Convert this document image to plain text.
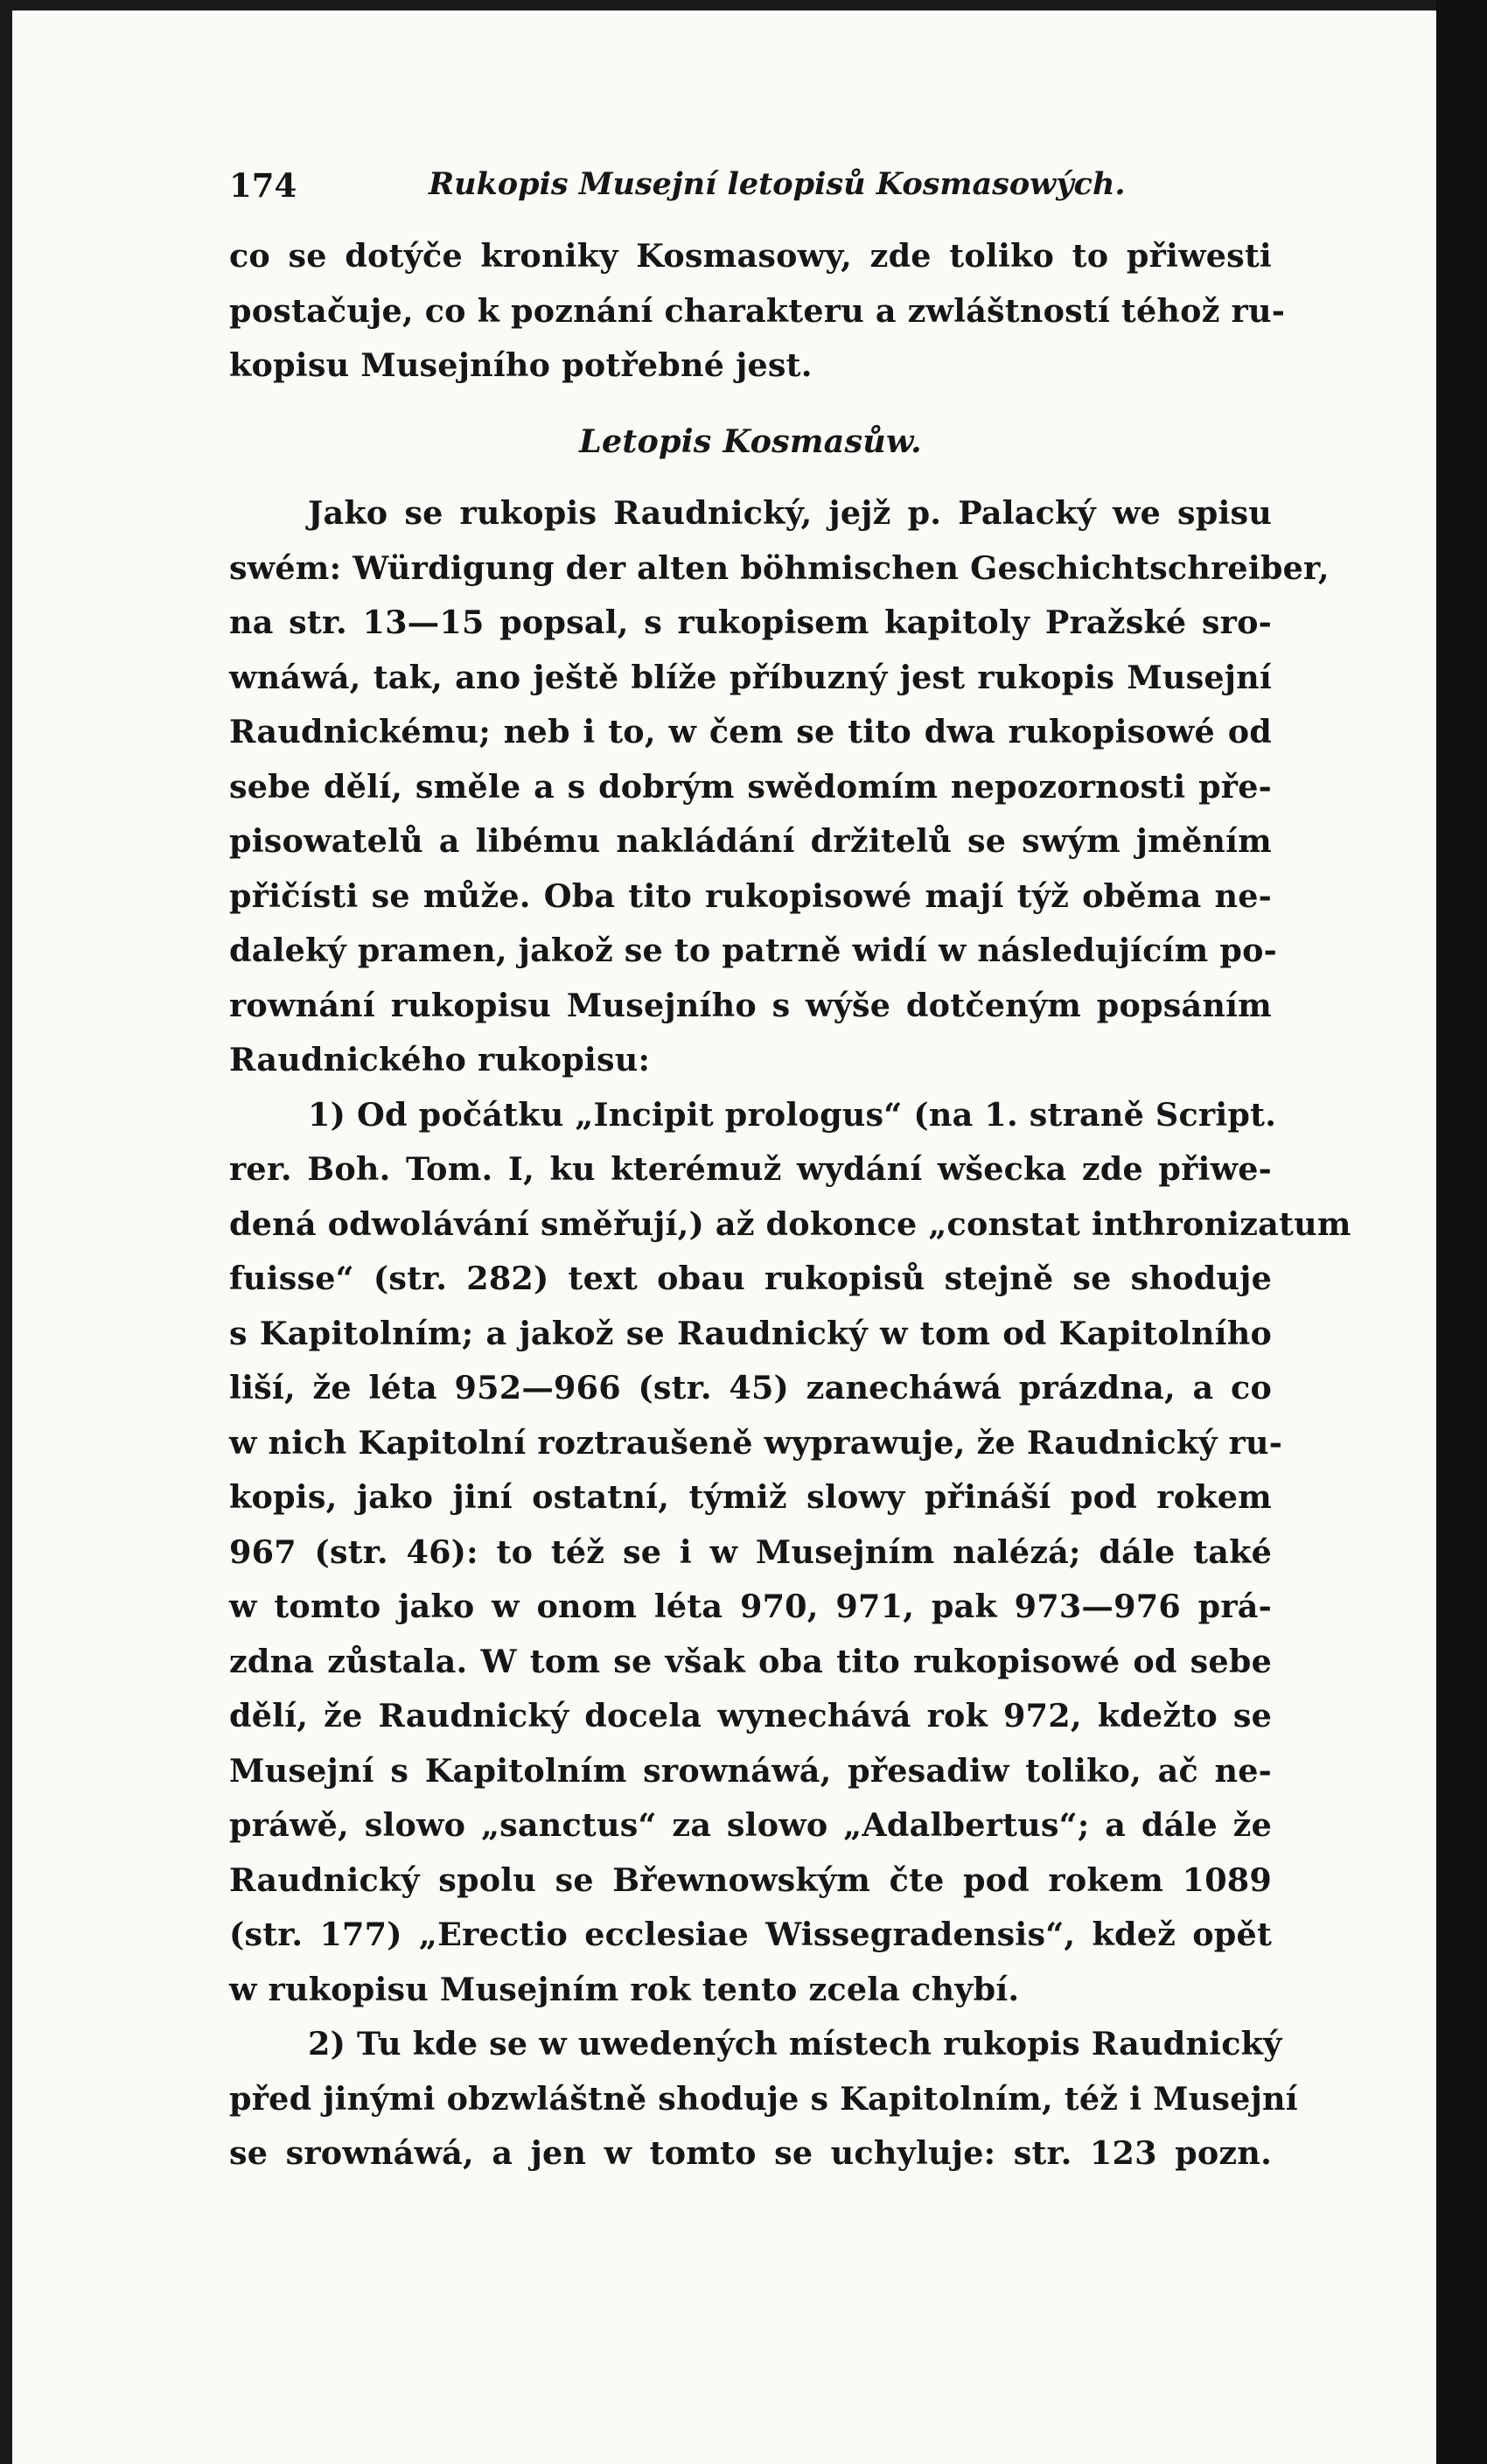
174	Rukopis Musejní letopisů Kosmasowých.
co se dotýče kroniky Kosmasowy, zde toliko to přiwesti
postačuje, co k poznání charakteru a zwláštností téhož ru-
kopisu Musejního potřebné jest.
Letopis Kosmasůw.
Jako se rukopis Raudnický, jejž p. Palacký we spisu
swém: Würdigung der alten böhmischen Geschichtschreiber,
na str. 13—15 popsal, s rukopisem kapitoly Pražské sro-
wnáwá, tak, ano ještě blíže příbuzný jest rukopis Musejní
Raudnickému; neb i to, w čem se tito dwa rukopisowé od
sebe dělí, směle a s dobrým swědomím nepozornosti pře-
pisowatelů a libému nakládání držitelů se swým jměním
přičísti se může. Oba tito rukopisowé mají týž oběma ne-
daleký pramen, jakož se to patrně widí w následujícím po-
rownání rukopisu Musejního s wýše dotčeným popsáním
Raudnického rukopisu:
1) Od počátku „Incipit prologus“ (na 1. straně Script.
rer. Boh. Tom. I, ku kterémuž wydání wšecka zde přiwe-
dená odwolávání směřují,) až dokonce „constat inthronizatum
fuisse“ (str. 282) text obau rukopisů stejně se shoduje
s Kapitolním; a jakož se Raudnický w tom od Kapitolního
liší, že léta 952—966 (str. 45) zanecháwá prázdna, a co
w nich Kapitolní roztraušeně wyprawuje, že Raudnický ru-
kopis, jako jiní ostatní, týmiž slowy přináší pod rokem
967 (str. 46): to též se i w Musejním nalézá; dále také
w tomto jako w onom léta 970, 971, pak 973—976 prá-
zdna zůstala. W tom se však oba tito rukopisowé od sebe
dělí, že Raudnický docela wynechává rok 972, kdežto se
Musejní s Kapitolním srownáwá, přesadiw toliko, ač ne-
práwě, slowo „sanctus“ za slowo „Adalbertus“; a dále že
Raudnický spolu se Břewnowským čte pod rokem 1089
(str. 177) „Erectio ecclesiae Wissegradensis“, kdež opět
w rukopisu Musejním rok tento zcela chybí.
2) Tu kde se w uwedených místech rukopis Raudnický
před jinými obzwláštně shoduje s Kapitolním, též i Musejní
se srownáwá, a jen w tomto se uchyluje: str. 123 pozn.
